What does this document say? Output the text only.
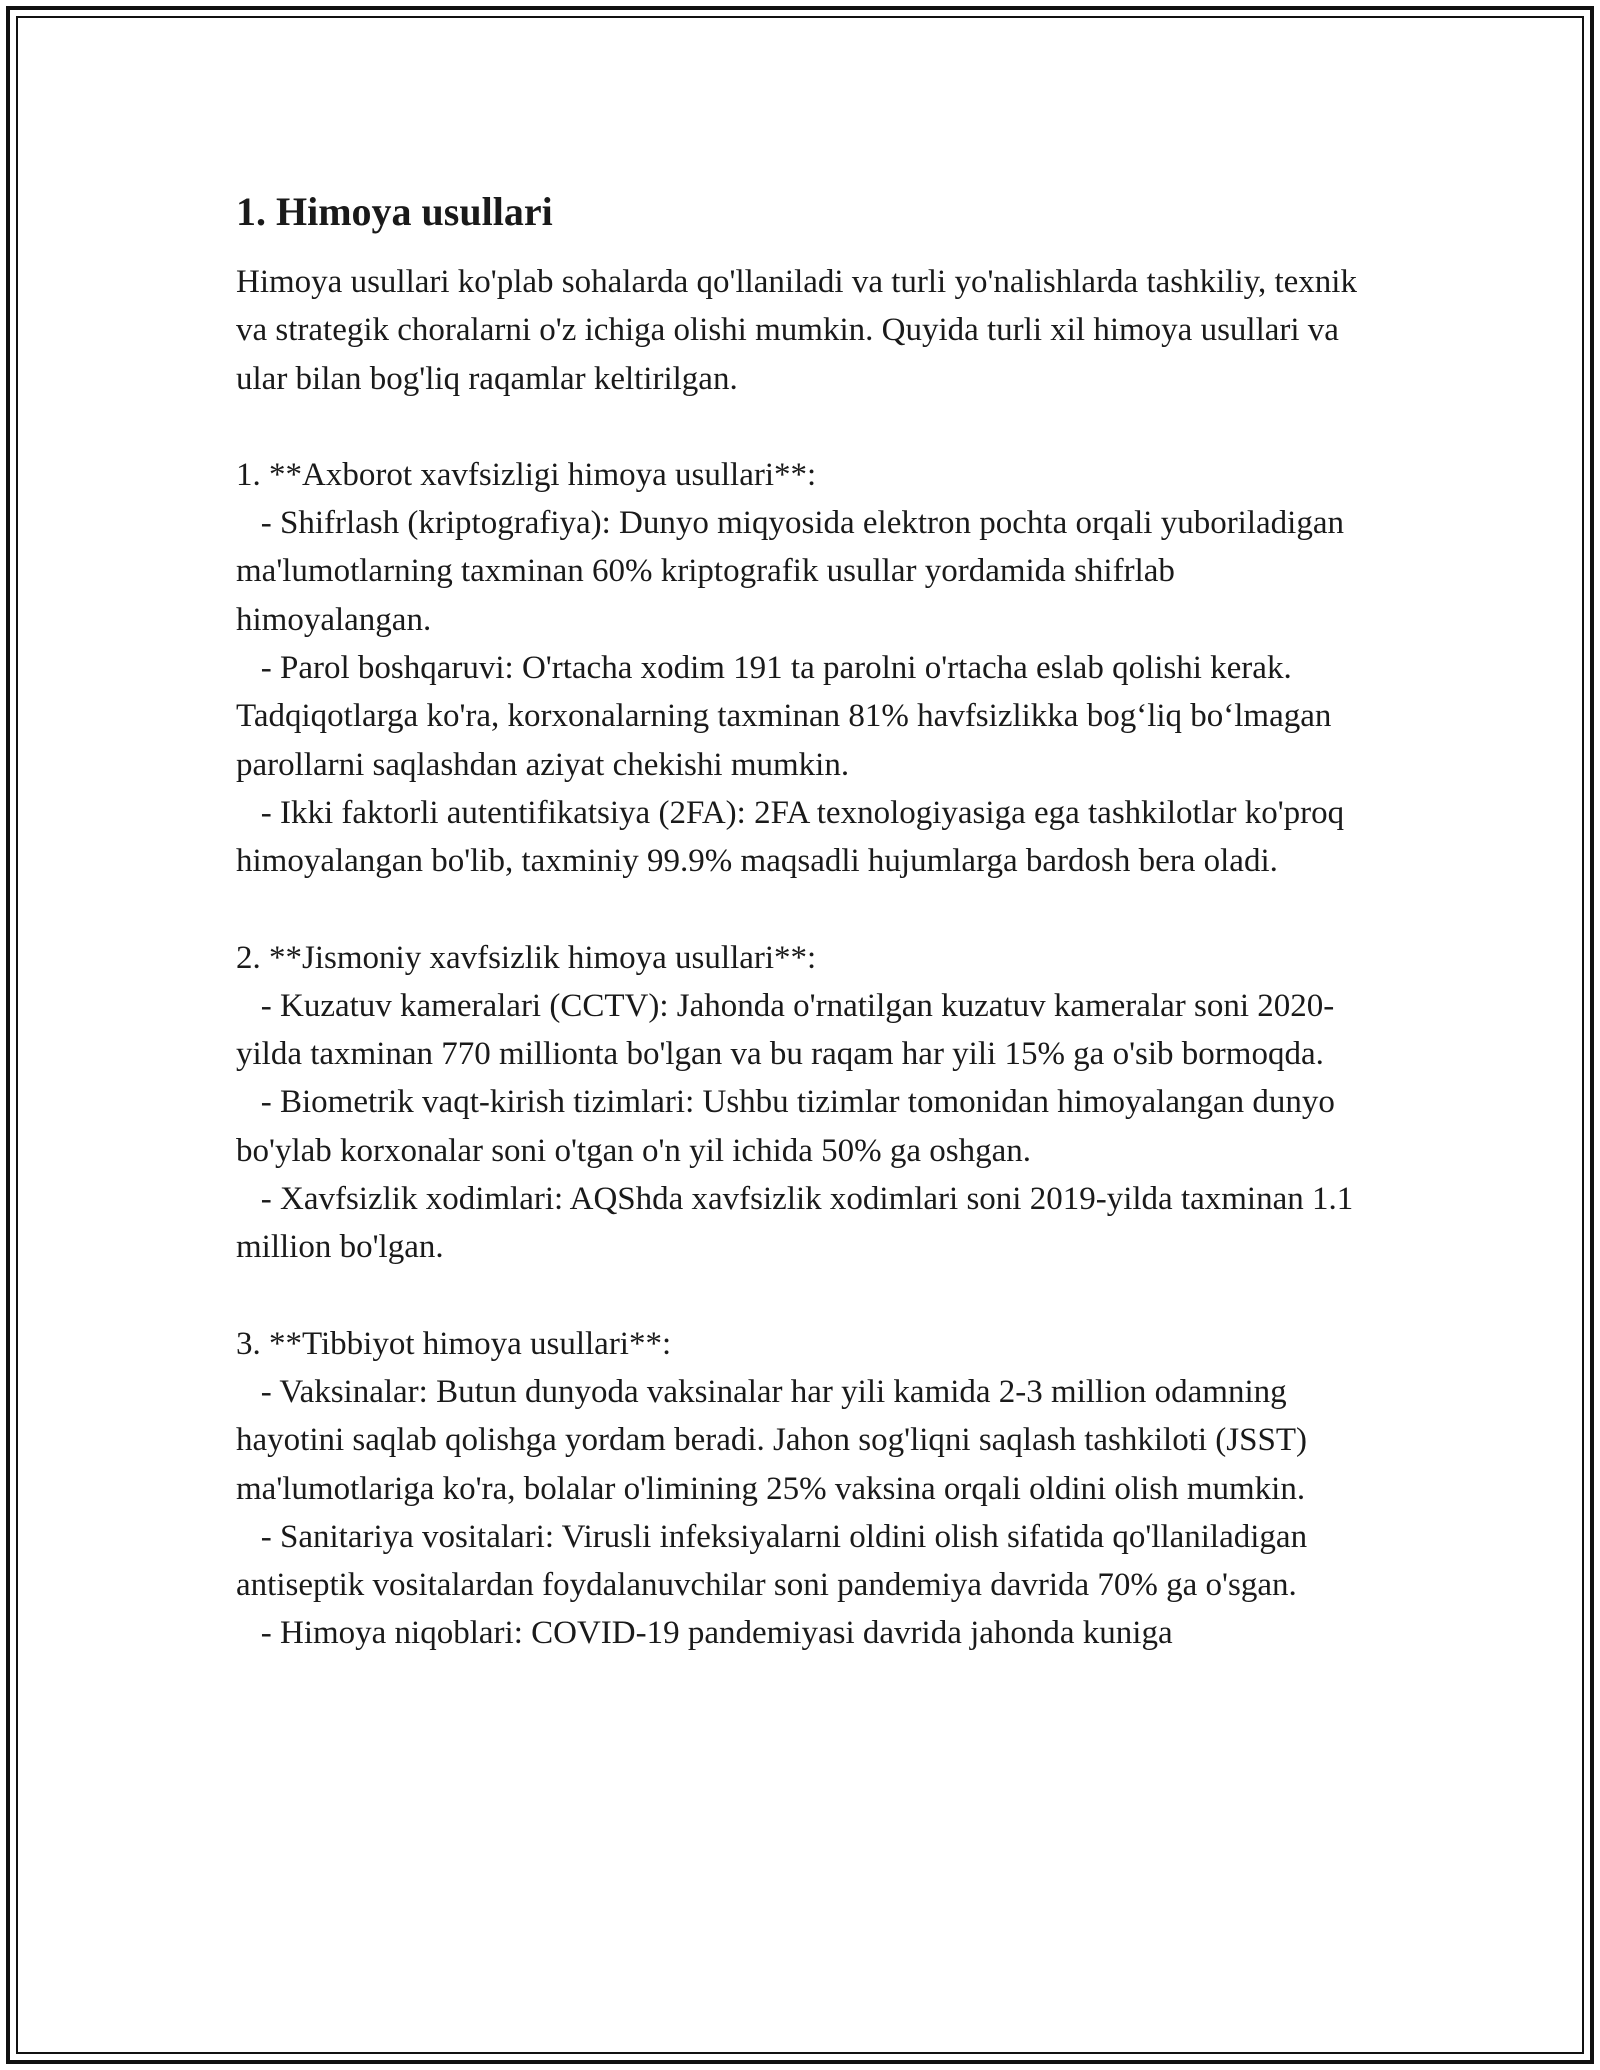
1. Himoya usullari

Himoya usullari ko'plab sohalarda qo'llaniladi va turli yo'nalishlarda tashkiliy, texnik va strategik choralarni o'z ichiga olishi mumkin. Quyida turli xil himoya usullari va ular bilan bog'liq raqamlar keltirilgan.

1. **Axborot xavfsizligi himoya usullari**:

- Shifrlash (kriptografiya): Dunyo miqyosida elektron pochta orqali yuboriladigan ma'lumotlarning taxminan 60% kriptografik usullar yordamida shifrlab himoyalangan.

- Parol boshqaruvi: O'rtacha xodim 191 ta parolni o'rtacha eslab qolishi kerak. Tadqiqotlarga ko'ra, korxonalarning taxminan 81% havfsizlikka bog‘liq bo‘lmagan parollarni saqlashdan aziyat chekishi mumkin.

- Ikki faktorli autentifikatsiya (2FA): 2FA texnologiyasiga ega tashkilotlar ko'proq himoyalangan bo'lib, taxminiy 99.9% maqsadli hujumlarga bardosh bera oladi.

2. **Jismoniy xavfsizlik himoya usullari**:

- Kuzatuv kameralari (CCTV): Jahonda o'rnatilgan kuzatuv kameralar soni 2020-yilda taxminan 770 millionta bo'lgan va bu raqam har yili 15% ga o'sib bormoqda.

- Biometrik vaqt-kirish tizimlari: Ushbu tizimlar tomonidan himoyalangan dunyo bo'ylab korxonalar soni o'tgan o'n yil ichida 50% ga oshgan.

- Xavfsizlik xodimlari: AQShda xavfsizlik xodimlari soni 2019-yilda taxminan 1.1 million bo'lgan.

3. **Tibbiyot himoya usullari**:

- Vaksinalar: Butun dunyoda vaksinalar har yili kamida 2-3 million odamning hayotini saqlab qolishga yordam beradi. Jahon sog'liqni saqlash tashkiloti (JSST) ma'lumotlariga ko'ra, bolalar o'limining 25% vaksina orqali oldini olish mumkin.

- Sanitariya vositalari: Virusli infeksiyalarni oldini olish sifatida qo'llaniladigan antiseptik vositalardan foydalanuvchilar soni pandemiya davrida 70% ga o'sgan.

- Himoya niqoblari: COVID-19 pandemiyasi davrida jahonda kuniga
